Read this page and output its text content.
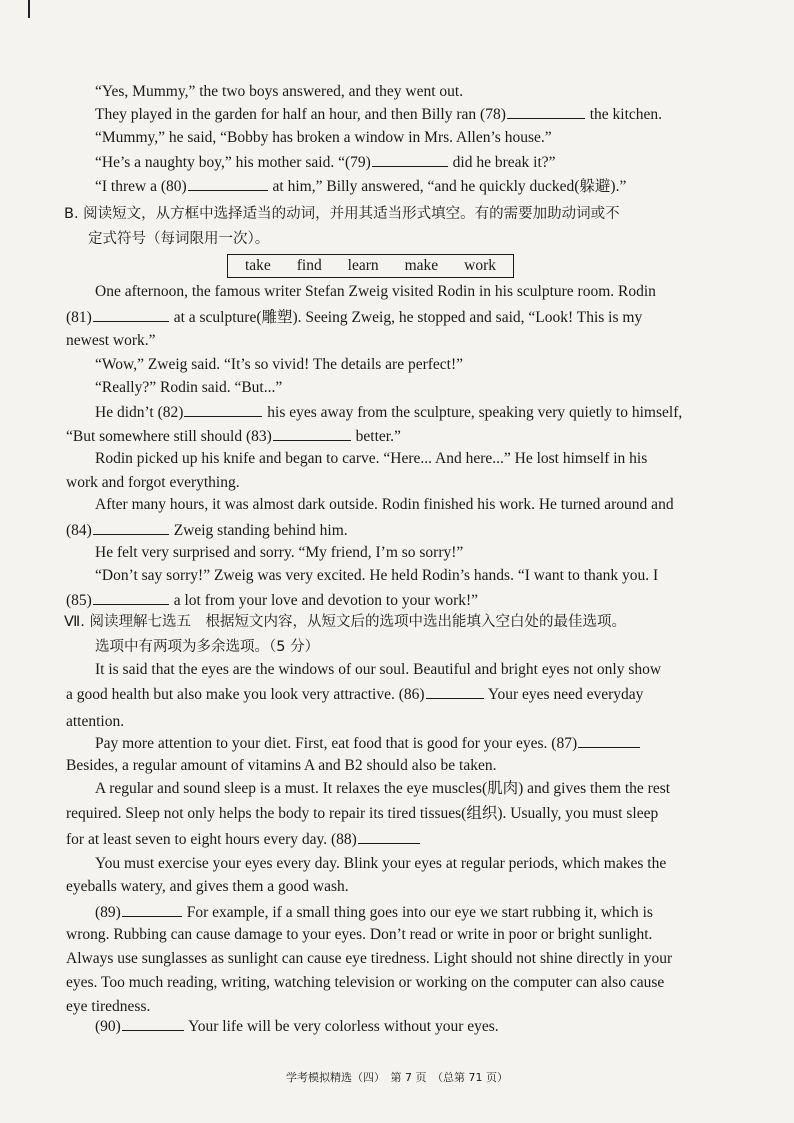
“Yes, Mummy,” the two boys answered, and they went out.
They played in the garden for half an hour, and then Billy ran (78)	the kitchen.
“Mummy,” he said, “Bobby has broken a window in Mrs. Allen’s house.”
“He’s a naughty boy,” his mother said. “(79)	did he break it?”
“I threw a (80)	at him,” Billy answered, “and he quickly ducked(躲避).”
B. 阅读短文，从方框中选择适当的动词，并用其适当形式填空。有的需要加助动词或不
定式符号（每词限用一次）。
take find learn make work
One afternoon, the famous writer Stefan Zweig visited Rodin in his sculpture room. Rodin
(81)	at a sculpture(雕塑). Seeing Zweig, he stopped and said, “Look! This is my
newest work.”
“Wow,” Zweig said. “It’s so vivid! The details are perfect!”
“Really?” Rodin said. “But...”
He didn’t (82)	his eyes away from the sculpture, speaking very quietly to himself,
“But somewhere still should (83)	better.”
Rodin picked up his knife and began to carve. “Here... And here...” He lost himself in his
work and forgot everything.
After many hours, it was almost dark outside. Rodin finished his work. He turned around and
(84)	Zweig standing behind him.
He felt very surprised and sorry. “My friend, I’m so sorry!”
“Don’t say sorry!” Zweig was very excited. He held Rodin’s hands. “I want to thank you. I
(85)	a lot from your love and devotion to your work!”
Ⅶ. 阅读理解七选五　根据短文内容，从短文后的选项中选出能填入空白处的最佳选项。
选项中有两项为多余选项。（5 分）
It is said that the eyes are the windows of our soul. Beautiful and bright eyes not only show
a good health but also make you look very attractive. (86)	Your eyes need everyday
attention.
Pay more attention to your diet. First, eat food that is good for your eyes. (87)
Besides, a regular amount of vitamins A and B2 should also be taken.
A regular and sound sleep is a must. It relaxes the eye muscles(肌肉) and gives them the rest
required. Sleep not only helps the body to repair its tired tissues(组织). Usually, you must sleep
for at least seven to eight hours every day. (88)
You must exercise your eyes every day. Blink your eyes at regular periods, which makes the
eyeballs watery, and gives them a good wash.
(89)	For example, if a small thing goes into our eye we start rubbing it, which is
wrong. Rubbing can cause damage to your eyes. Don’t read or write in poor or bright sunlight.
Always use sunglasses as sunlight can cause eye tiredness. Light should not shine directly in your
eyes. Too much reading, writing, watching television or working on the computer can also cause
eye tiredness.
(90)	Your life will be very colorless without your eyes.
学考模拟精选（四）　第 7 页　（总第 71 页）
